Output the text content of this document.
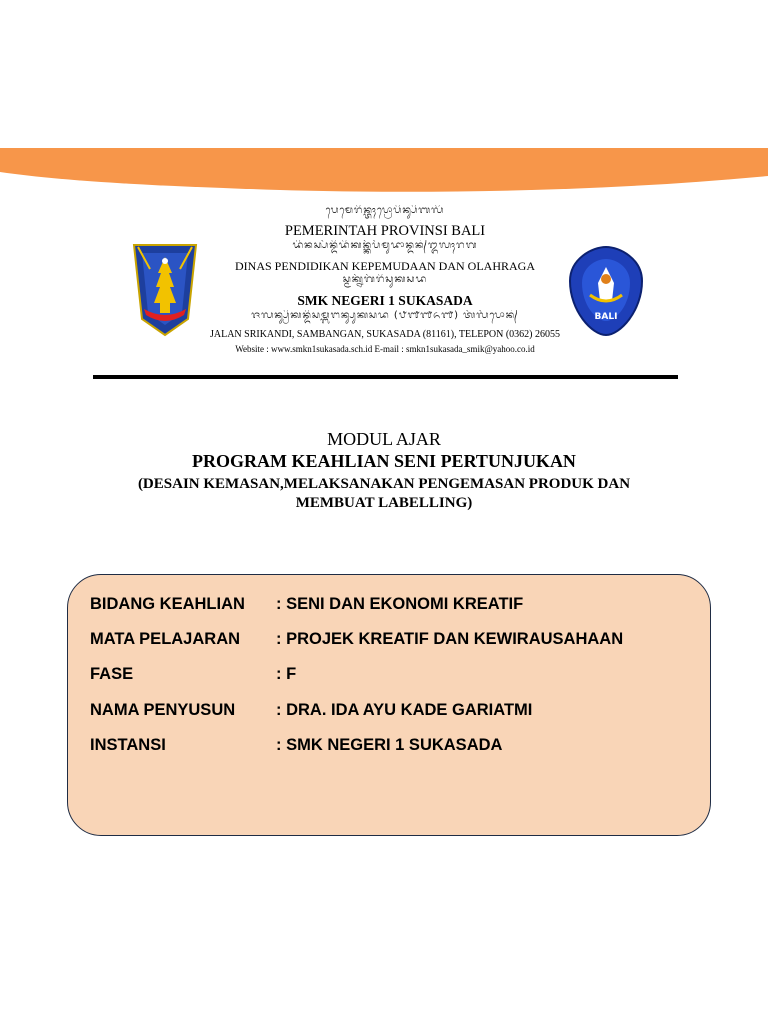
ᬧᬾᬫᬾᬭᬶᬦ᭄ᬢᬄᬧ᭄ᬭᭀᬧᬶᬦ᭄ᬲᬶᬩᬮᬶ
PEMERINTAH PROVINSI BALI
ᬤᬶᬦᬲ᭄ᬧᭂᬦ᭄ᬤᬶᬤᬶᬓᬦ᭄ᬓᭂᬧᭂᬫᬸᬤᬵᬦ᭄ᬤᬦ᭄ᬑᬮᬄᬭᬕ
DINAS PENDIDIKAN KEPEMUDAAN DAN OLAHRAGA
ᬲ᭄ᬫᬓ᭄ᬦᭂᬕᭂᬭᬶᬲᬸᬓᬲᬤ
SMK NEGERI 1 SUKASADA
ᬚᬮᬦ᭄ᬲ᭄ᬭᬶᬓᬦ᭄ᬤᬶᬲᬫ᭄ᬩᬗᬦ᭄ᬲᬸᬓᬲᬤ (᭘᭑᭑᭖᭑) ᬢᭂᬮᭂᬧᭀᬦ᭄
JALAN SRIKANDI, SAMBANGAN, SUKASADA (81161), TELEPON (0362) 26055
Website : www.smkn1sukasada.sch.id E-mail : smkn1sukasada_smik@yahoo.co.id
BALI
MODUL AJAR
PROGRAM KEAHLIAN SENI PERTUNJUKAN
(DESAIN KEMASAN,MELAKSANAKAN PENGEMASAN PRODUK DAN
MEMBUAT LABELLING)
BIDANG KEAHLIAN : SENI DAN EKONOMI KREATIF
MATA PELAJARAN : PROJEK KREATIF DAN KEWIRAUSAHAAN
FASE	: F
NAMA PENYUSUN : DRA. IDA AYU KADE GARIATMI
INSTANSI	: SMK NEGERI 1 SUKASADA
